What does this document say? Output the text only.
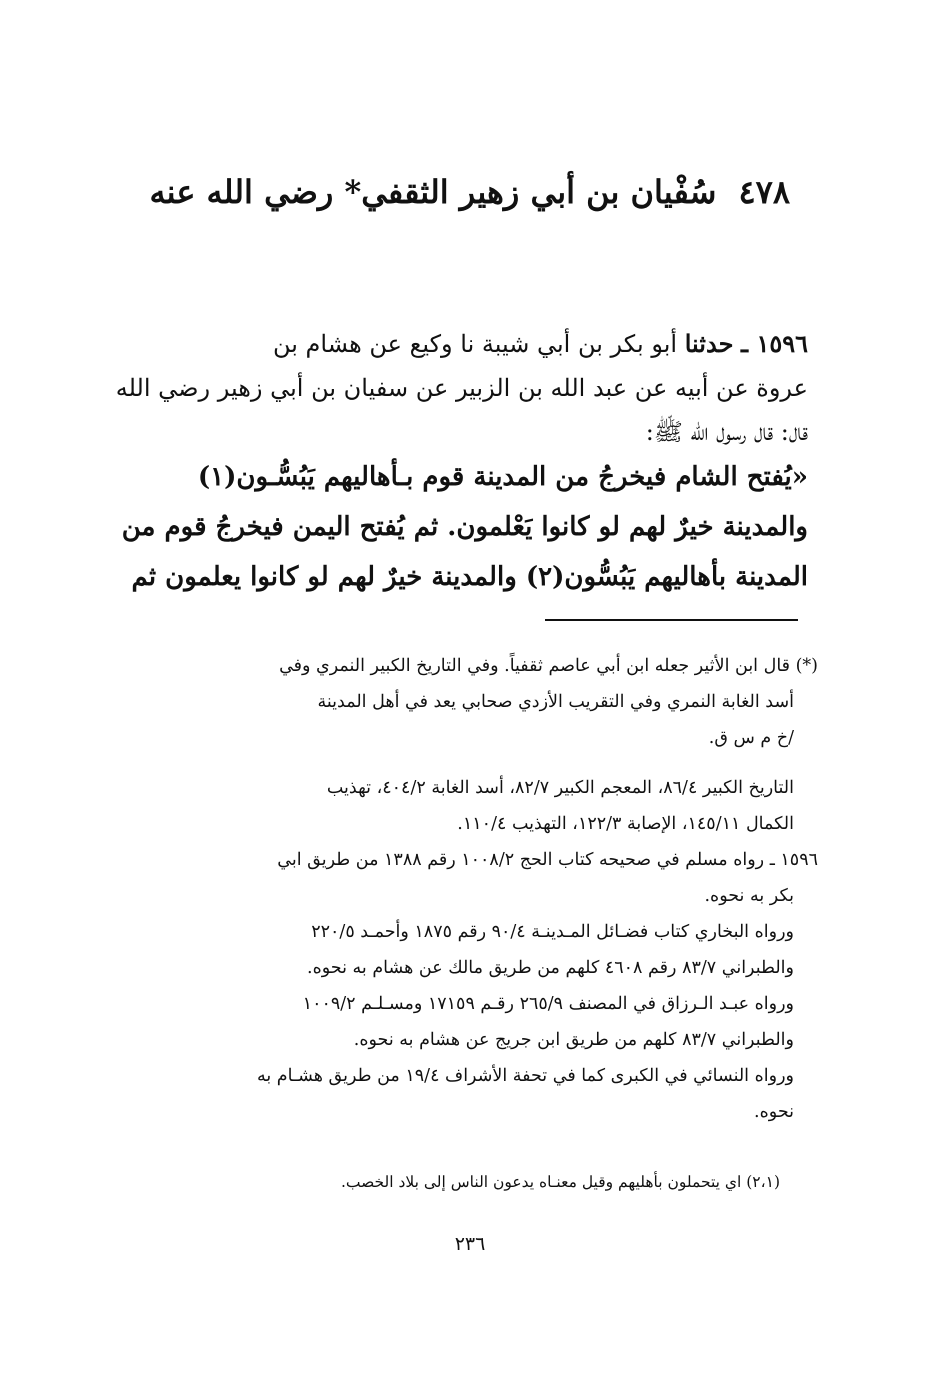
٤٧٨سُفْيان بن أبي زهير الثقفي* رضي الله عنه
١٥٩٦ ـ حدثنا أبو بكر بن أبي شيبة نا وكيع عن هشام بن
عروة عن أبيه عن عبد الله بن الزبير عن سفيان بن أبي زهير رضي الله
قال: قال رسول الله ﷺ:
«يُفتح الشام فيخرجُ من المدينة قوم بـأهاليهم يَبُسُّـون(١)
والمدينة خيرٌ لهم لو كانوا يَعْلمون. ثم يُفتح اليمن فيخرجُ قوم من
المدينة بأهاليهم يَبُسُّون(٢) والمدينة خيرٌ لهم لو كانوا يعلمون ثم
(*) قال ابن الأثير جعله ابن أبي عاصم ثقفياً. وفي التاريخ الكبير النمري وفي
أسد الغابة النمري وفي التقريب الأزدي صحابي يعد في أهل المدينة
/خ م س ق.
التاريخ الكبير ٨٦/٤، المعجم الكبير ٨٢/٧، أسد الغابة ٤٠٤/٢، تهذيب
الكمال ١٤٥/١١، الإصابة ١٢٢/٣، التهذيب ١١٠/٤.
١٥٩٦ ـ رواه مسلم في صحيحه كتاب الحج ١٠٠٨/٢ رقم ١٣٨٨ من طريق ابي
بكر به نحوه.
ورواه البخاري كتاب فضـائل المـدينـة ٩٠/٤ رقم ١٨٧٥ وأحمـد ٢٢٠/٥
والطبراني ٨٣/٧ رقم ٤٦٠٨ كلهم من طريق مالك عن هشام به نحوه.
ورواه عبـد الـرزاق في المصنف ٢٦٥/٩ رقـم ١٧١٥٩ ومسـلـم ١٠٠٩/٢
والطبراني ٨٣/٧ كلهم من طريق ابن جريج عن هشام به نحوه.
ورواه النسائي في الكبرى كما في تحفة الأشراف ١٩/٤ من طريق هشـام به
نحوه.
(٢،١) اي يتحملون بأهليهم وقيل معنـاه يدعون الناس إلى بلاد الخصب.
٢٣٦
